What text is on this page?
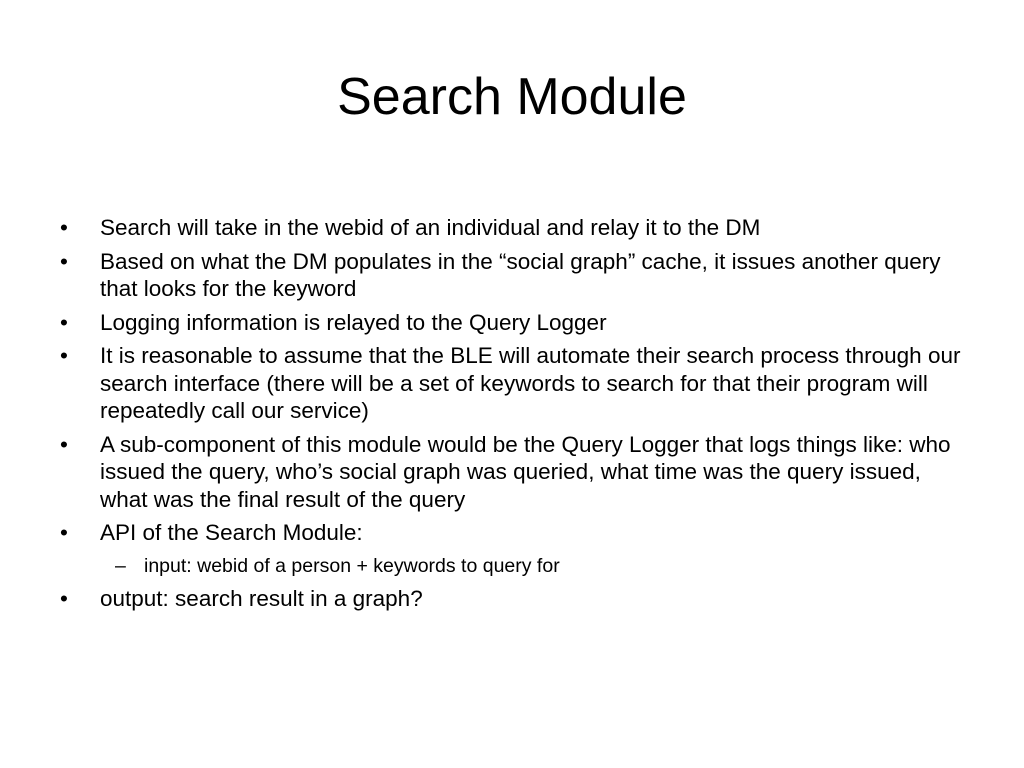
Search Module
• Search will take in the webid of an individual and relay it to the DM
• Based on what the DM populates in the “social graph” cache, it issues another query that looks for the keyword
• Logging information is relayed to the Query Logger
• It is reasonable to assume that the BLE will automate their search process through our search interface (there will be a set of keywords to search for that their program will repeatedly call our service)
• A sub-component of this module would be the Query Logger that logs things like: who issued the query, who’s social graph was queried, what time was the query issued, what was the final result of the query
• API of the Search Module:
– input: webid of a person + keywords to query for
• output: search result in a graph?
